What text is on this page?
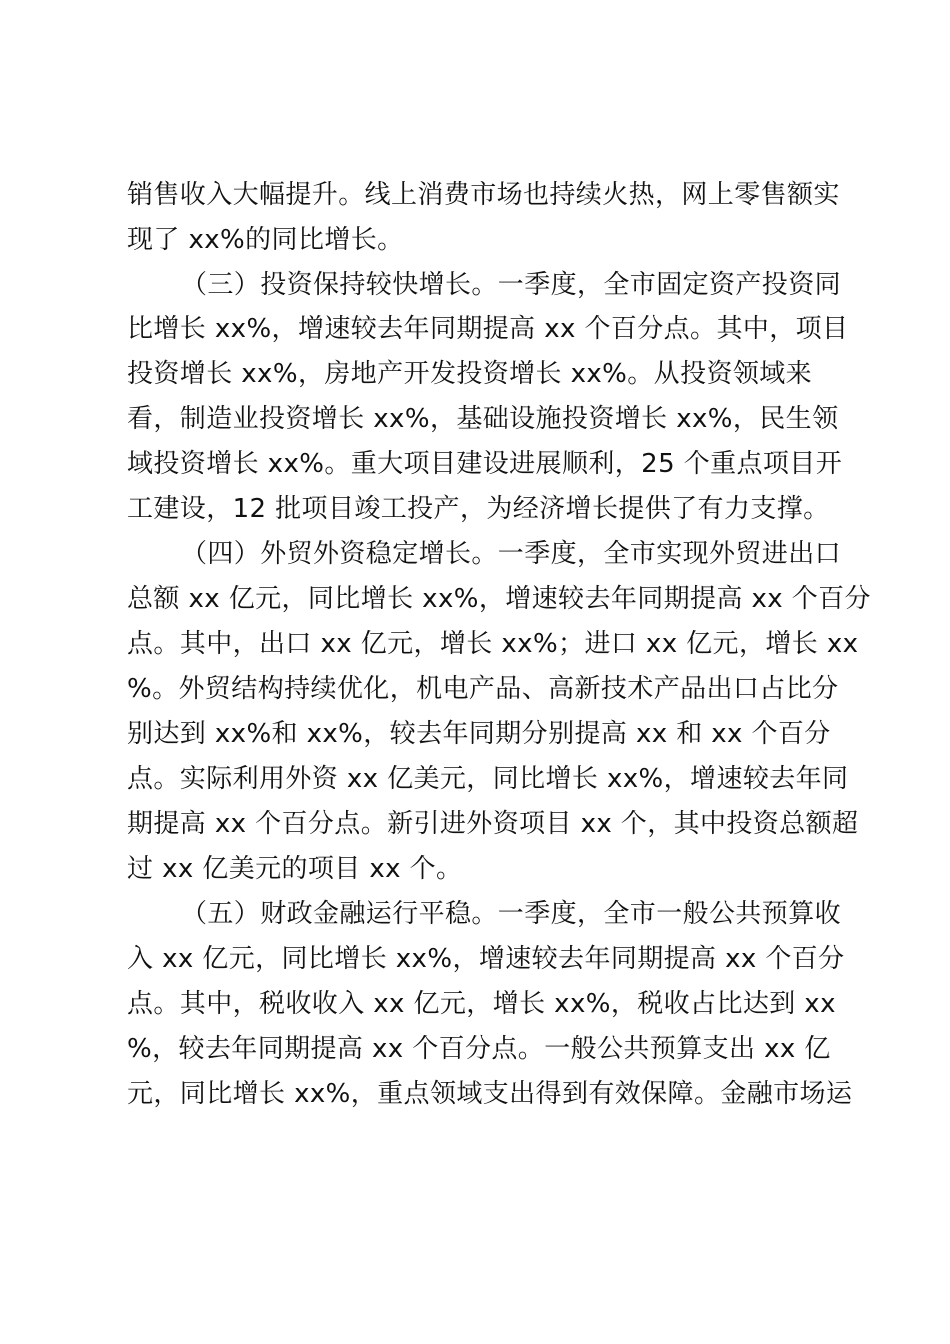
销售收入大幅提升。线上消费市场也持续火热，网上零售额实
现了 xx%的同比增长。
（三）投资保持较快增长。一季度，全市固定资产投资同
比增长 xx%，增速较去年同期提高 xx 个百分点。其中，项目
投资增长 xx%，房地产开发投资增长 xx%。从投资领域来
看，制造业投资增长 xx%，基础设施投资增长 xx%，民生领
域投资增长 xx%。重大项目建设进展顺利，25 个重点项目开
工建设，12 批项目竣工投产，为经济增长提供了有力支撑。
（四）外贸外资稳定增长。一季度，全市实现外贸进出口
总额 xx 亿元，同比增长 xx%，增速较去年同期提高 xx 个百分
点。其中，出口 xx 亿元，增长 xx%；进口 xx 亿元，增长 xx
%。外贸结构持续优化，机电产品、高新技术产品出口占比分
别达到 xx%和 xx%，较去年同期分别提高 xx 和 xx 个百分
点。实际利用外资 xx 亿美元，同比增长 xx%，增速较去年同
期提高 xx 个百分点。新引进外资项目 xx 个，其中投资总额超
过 xx 亿美元的项目 xx 个。
（五）财政金融运行平稳。一季度，全市一般公共预算收
入 xx 亿元，同比增长 xx%，增速较去年同期提高 xx 个百分
点。其中，税收收入 xx 亿元，增长 xx%，税收占比达到 xx
%，较去年同期提高 xx 个百分点。一般公共预算支出 xx 亿
元，同比增长 xx%，重点领域支出得到有效保障。金融市场运
